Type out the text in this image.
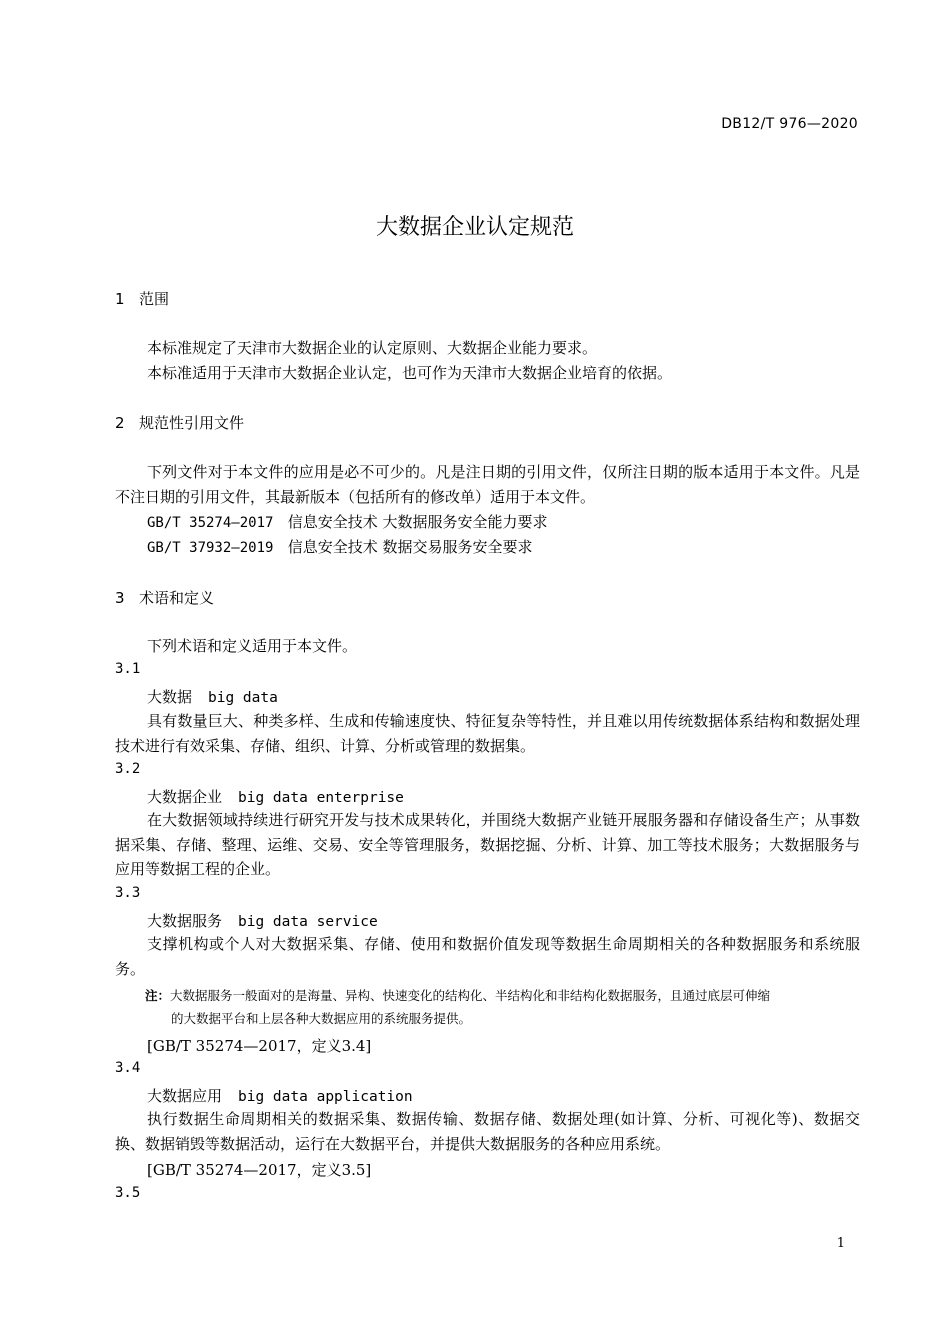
DB12/T 976—2020
大数据企业认定规范
1 范围
本标准规定了天津市大数据企业的认定原则、大数据企业能力要求。
本标准适用于天津市大数据企业认定，也可作为天津市大数据企业培育的依据。
2 规范性引用文件
下列文件对于本文件的应用是必不可少的。凡是注日期的引用文件，仅所注日期的版本适用于本文件。凡是不注日期的引用文件，其最新版本（包括所有的修改单）适用于本文件。
GB/T 35274—2017 信息安全技术 大数据服务安全能力要求
GB/T 37932—2019 信息安全技术 数据交易服务安全要求
3 术语和定义
下列术语和定义适用于本文件。
3.1
大数据 big data
具有数量巨大、种类多样、生成和传输速度快、特征复杂等特性，并且难以用传统数据体系结构和数据处理技术进行有效采集、存储、组织、计算、分析或管理的数据集。
3.2
大数据企业 big data enterprise
在大数据领域持续进行研究开发与技术成果转化，并围绕大数据产业链开展服务器和存储设备生产；从事数据采集、存储、整理、运维、交易、安全等管理服务，数据挖掘、分析、计算、加工等技术服务；大数据服务与应用等数据工程的企业。
3.3
大数据服务 big data service
支撑机构或个人对大数据采集、存储、使用和数据价值发现等数据生命周期相关的各种数据服务和系统服务。
注：大数据服务一般面对的是海量、异构、快速变化的结构化、半结构化和非结构化数据服务，且通过底层可伸缩
的大数据平台和上层各种大数据应用的系统服务提供。
[GB/T 35274—2017，定义3.4]
3.4
大数据应用 big data application
执行数据生命周期相关的数据采集、数据传输、数据存储、数据处理(如计算、分析、可视化等)、数据交换、数据销毁等数据活动，运行在大数据平台，并提供大数据服务的各种应用系统。
[GB/T 35274—2017，定义3.5]
3.5
1
